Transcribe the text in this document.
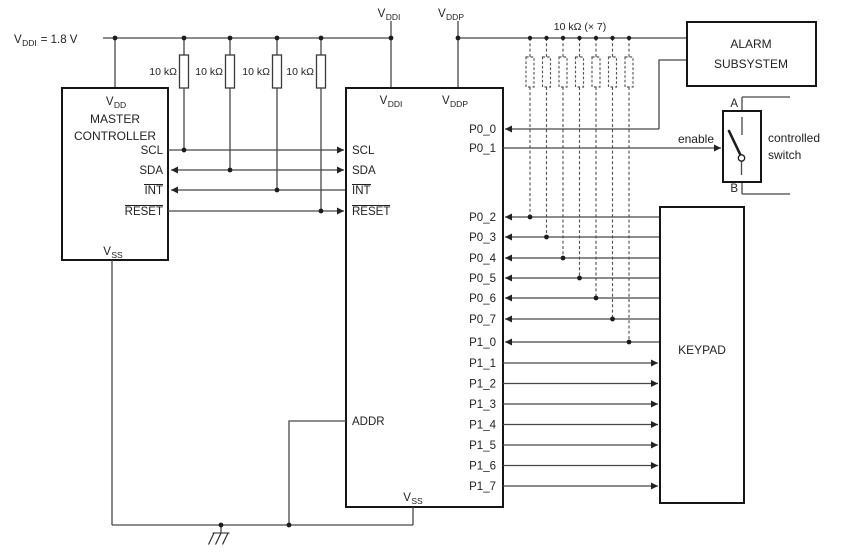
$V_{DDI} = 1.8$ V
$V_{DDI}$	$V_{DDP}$
10 kΩ 10 kΩ 10 kΩ 10 kΩ
10 kΩ (× 7)
$V_{DD}$
MASTER
CONTROLLER
SCL
SDA
INT
RESET
$V_{SS}$
$V_{DDI}$	$V_{DDP}$
SCL
SDA
INT
RESET
ADDR
$V_{SS}$
P0_0
P0_1
P0_2
P0_3
P0_4
P0_5
P0_6
P0_7
P1_0
P1_1
P1_2
P1_3
P1_4
P1_5
P1_6
P1_7
ALARM
SUBSYSTEM
A
B
enable	controlled
switch
KEYPAD
